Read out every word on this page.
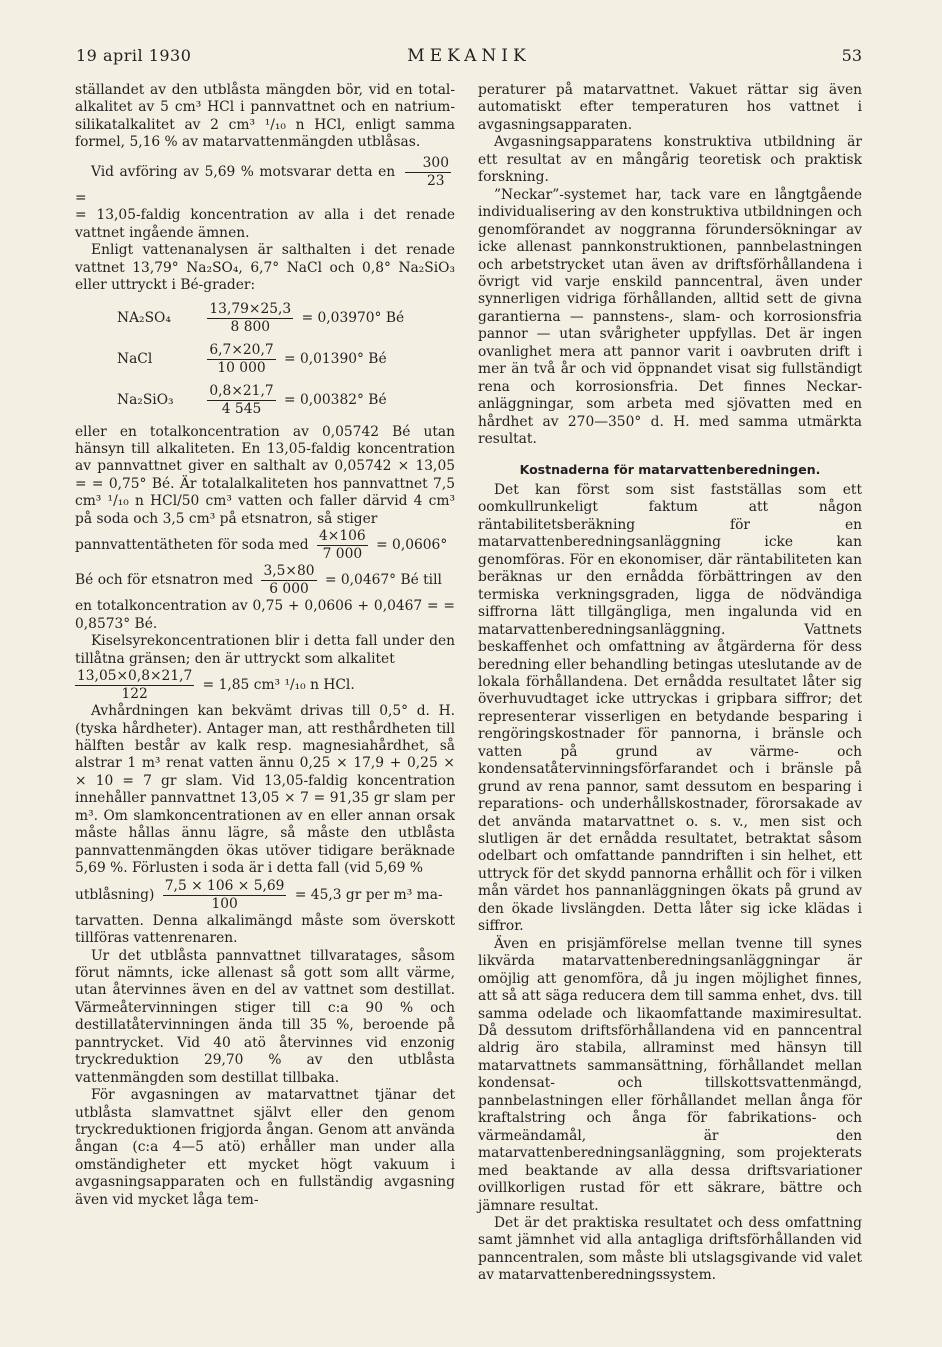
19 april 1930	MEKANIK	53

ställandet av den utblåsta mängden bör, vid en total-alkalitet av 5 cm³ HCl i pannvattnet och en natrium-silikatalkalitet av 2 cm³ ¹/₁₀ n HCl, enligt samma formel, 5,16 % av matarvattenmängden utblåsas.

Vid avföring av 5,69 % motsvarar detta en $\frac{300}{23}$
=

= 13,05-faldig koncentration av alla i det renade vattnet ingående ämnen.

Enligt vattenanalysen är salthalten i det renade vattnet 13,79° Na₂SO₄, 6,7° NaCl och 0,8° Na₂SiO₃ eller uttryckt i Bé-grader:

NA₂SO₄	$\frac{13,79\times 25,3}{8 800} = 0,03970^\circ$ Bé
NaCl	$\frac{6,7\times 20,7}{10 000} = 0,01390^\circ$ Bé
$Na_2SiO_3 \frac{0,8\times 21,7}{4 545} = 0,00382^\circ$ Bé

eller en totalkoncentration av 0,05742 Bé utan hänsyn till alkaliteten. En 13,05-faldig koncentration av pannvattnet giver en salthalt av 0,05742 × 13,05 = = 0,75° Bé. Är totalalkaliteten hos pannvattnet 7,5 cm³ ¹/₁₀ n HCl/50 cm³ vatten och faller därvid 4 cm³ på soda och 3,5 cm³ på etsnatron, så stiger

pannvattentätheten för soda med $\frac{4\times 106}{7 000} = 0,0606^\circ$

Bé och för etsnatron med $\frac{3,5\times 80}{6 000} = 0,0467^\circ$ Bé till

en totalkoncentration av 0,75 + 0,0606 + 0,0467 = = 0,8573° Bé.

Kiselsyrekoncentrationen blir i detta fall under den tillåtna gränsen; den är uttryckt som alkalitet

$\frac{13,05\times 0,8\times 21,7}{122} = 1,85$ cm³ ¹/₁₀ n HCl.

Avhårdningen kan bekvämt drivas till 0,5° d. H. (tyska hårdheter). Antager man, att resthårdheten till hälften består av kalk resp. magnesiahårdhet, så alstrar 1 m³ renat vatten ännu 0,25 × 17,9 + 0,25 × × 10 = 7 gr slam. Vid 13,05-faldig koncentration innehåller pannvattnet 13,05 × 7 = 91,35 gr slam per m³. Om slamkoncentrationen av en eller annan orsak måste hållas ännu lägre, så måste den utblåsta pannvattenmängden ökas utöver tidigare beräknade 5,69 %. Förlusten i soda är i detta fall (vid 5,69 %

utblåsning) $\frac{7,5 \times 106 \times 5,69}{100} = 45,3$ gr per m³ ma-

tarvatten. Denna alkalimängd måste som överskott tillföras vattenrenaren.

Ur det utblåsta pannvattnet tillvaratages, såsom förut nämnts, icke allenast så gott som allt värme, utan återvinnes även en del av vattnet som destillat. Värmeåtervinningen stiger till c:a 90 % och destillatåtervinningen ända till 35 %, beroende på panntrycket. Vid 40 atö återvinnes vid enzonig tryckreduktion 29,70 % av den utblåsta vattenmängden som destillat tillbaka.

För avgasningen av matarvattnet tjänar det utblåsta slamvattnet självt eller den genom tryckreduktionen frigjorda ångan. Genom att använda ångan (c:a 4—5 atö) erhåller man under alla omständigheter ett mycket högt vakuum i avgasningsapparaten och en fullständig avgasning även vid mycket låga tem-

peraturer på matarvattnet. Vakuet rättar sig även automatiskt efter temperaturen hos vattnet i avgasningsapparaten.

Avgasningsapparatens konstruktiva utbildning är ett resultat av en mångårig teoretisk och praktisk forskning.

”Neckar”-systemet har, tack vare en långtgående individualisering av den konstruktiva utbildningen och genomförandet av noggranna förundersökningar av icke allenast pannkonstruktionen, pannbelastningen och arbetstrycket utan även av driftsförhållandena i övrigt vid varje enskild panncentral, även under synnerligen vidriga förhållanden, alltid sett de givna garantierna — pannstens-, slam- och korrosionsfria pannor — utan svårigheter uppfyllas. Det är ingen ovanlighet mera att pannor varit i oavbruten drift i mer än två år och vid öppnandet visat sig fullständigt rena och korrosionsfria. Det finnes Neckar-anläggningar, som arbeta med sjövatten med en hårdhet av 270—350° d. H. med samma utmärkta resultat.

Kostnaderna för matarvattenberedningen.

Det kan först som sist fastställas som ett oomkullrunkeligt faktum att någon räntabilitetsberäkning för en matarvattenberedningsanläggning icke kan genomföras. För en ekonomiser, där räntabiliteten kan beräknas ur den ernådda förbättringen av den termiska verkningsgraden, ligga de nödvändiga siffrorna lätt tillgängliga, men ingalunda vid en matarvattenberedningsanläggning. Vattnets beskaffenhet och omfattning av åtgärderna för dess beredning eller behandling betingas uteslutande av de lokala förhållandena. Det ernådda resultatet låter sig överhuvudtaget icke uttryckas i gripbara siffror; det representerar visserligen en betydande besparing i rengöringskostnader för pannorna, i bränsle och vatten på grund av värme- och kondensatåtervinningsförfarandet och i bränsle på grund av rena pannor, samt dessutom en besparing i reparations- och underhållskostnader, förorsakade av det använda matarvattnet o. s. v., men sist och slutligen är det ernådda resultatet, betraktat såsom odelbart och omfattande panndriften i sin helhet, ett uttryck för det skydd pannorna erhållit och för i vilken mån värdet hos pannanläggningen ökats på grund av den ökade livslängden. Detta låter sig icke klädas i siffror.

Även en prisjämförelse mellan tvenne till synes likvärda matarvattenberedningsanläggningar är omöjlig att genomföra, då ju ingen möjlighet finnes, att så att säga reducera dem till samma enhet, dvs. till samma odelade och likaomfattande maximiresultat. Då dessutom driftsförhållandena vid en panncentral aldrig äro stabila, allraminst med hänsyn till matarvattnets sammansättning, förhållandet mellan kondensat- och tillskottsvattenmängd, pannbelastningen eller förhållandet mellan ånga för kraftalstring och ånga för fabrikations- och värmeändamål, är den matarvattenberedningsanläggning, som projekterats med beaktande av alla dessa driftsvariationer ovillkorligen rustad för ett säkrare, bättre och jämnare resultat.

Det är det praktiska resultatet och dess omfattning samt jämnhet vid alla antagliga driftsförhållanden vid panncentralen, som måste bli utslagsgivande vid valet av matarvattenberedningssystem.
